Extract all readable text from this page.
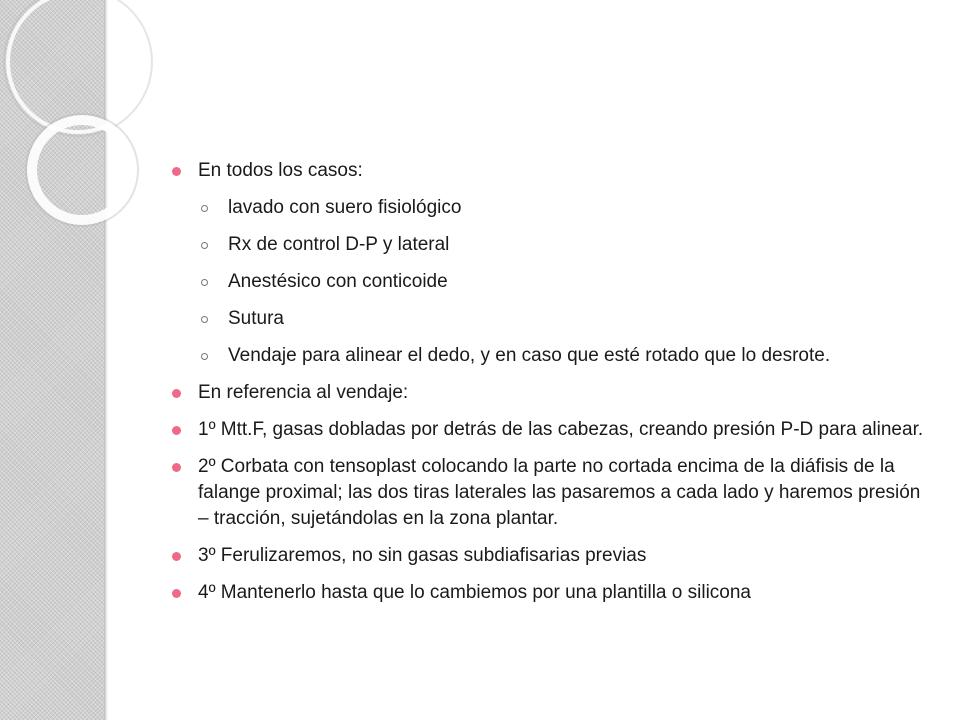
En todos los casos:
lavado con suero fisiológico
Rx de control D-P y lateral
Anestésico con conticoide
Sutura
Vendaje para alinear el dedo, y en caso que esté rotado que lo desrote.
En referencia al vendaje:
1º Mtt.F, gasas dobladas por detrás de las cabezas, creando presión P-D para alinear.
2º Corbata con tensoplast colocando la parte no cortada encima de la diáfisis de la falange proximal; las dos tiras laterales las pasaremos a cada lado y haremos presión – tracción, sujetándolas en la zona plantar.
3º Ferulizaremos, no sin gasas subdiafisarias previas
4º Mantenerlo hasta que lo cambiemos por una plantilla o silicona
